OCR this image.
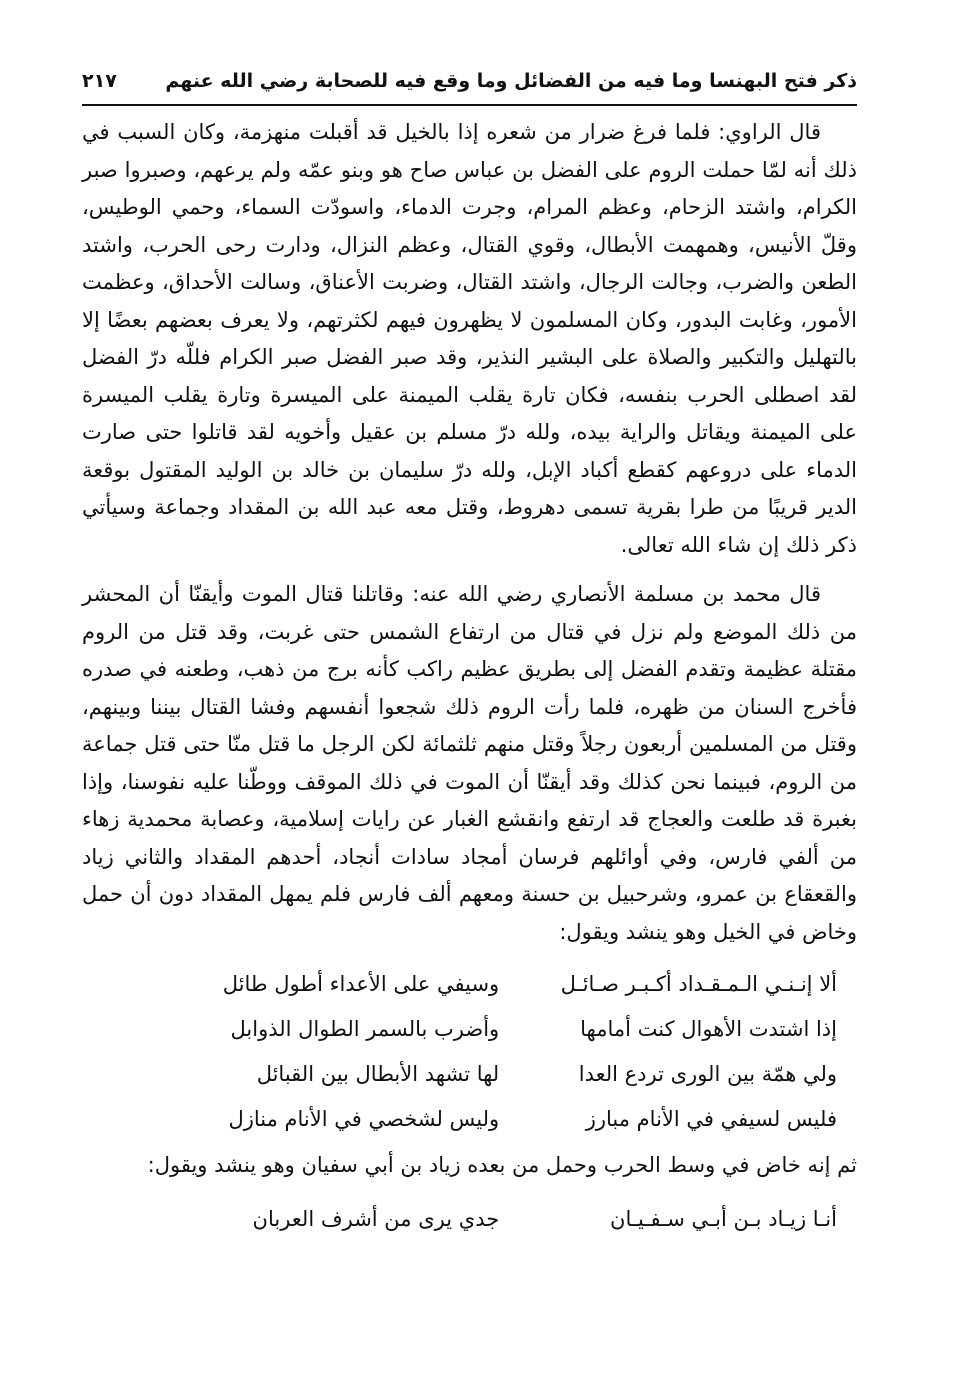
ذكر فتح البهنسا وما فيه من الفضائل وما وقع فيه للصحابة رضي الله عنهم
٢١٧

قال الراوي: فلما فرغ ضرار من شعره إذا بالخيل قد أقبلت منهزمة، وكان السبب في ذلك أنه لمّا حملت الروم على الفضل بن عباس صاح هو وبنو عمّه ولم يرعهم، وصبروا صبر الكرام، واشتد الزحام، وعظم المرام، وجرت الدماء، واسودّت السماء، وحمي الوطيس، وقلّ الأنيس، وهمهمت الأبطال، وقوي القتال، وعظم النزال، ودارت رحى الحرب، واشتد الطعن والضرب، وجالت الرجال، واشتد القتال، وضربت الأعناق، وسالت الأحداق، وعظمت الأمور، وغابت البدور، وكان المسلمون لا يظهرون فيهم لكثرتهم، ولا يعرف بعضهم بعضًا إلا بالتهليل والتكبير والصلاة على البشير النذير، وقد صبر الفضل صبر الكرام فللّه درّ الفضل لقد اصطلى الحرب بنفسه، فكان تارة يقلب الميمنة على الميسرة وتارة يقلب الميسرة على الميمنة ويقاتل والراية بيده، ولله درّ مسلم بن عقيل وأخويه لقد قاتلوا حتى صارت الدماء على دروعهم كقطع أكباد الإبل، ولله درّ سليمان بن خالد بن الوليد المقتول بوقعة الدير قريبًا من طرا بقرية تسمى دهروط، وقتل معه عبد الله بن المقداد وجماعة وسيأتي ذكر ذلك إن شاء الله تعالى.

قال محمد بن مسلمة الأنصاري رضي الله عنه: وقاتلنا قتال الموت وأيقنّا أن المحشر من ذلك الموضع ولم نزل في قتال من ارتفاع الشمس حتى غربت، وقد قتل من الروم مقتلة عظيمة وتقدم الفضل إلى بطريق عظيم راكب كأنه برج من ذهب، وطعنه في صدره فأخرج السنان من ظهره، فلما رأت الروم ذلك شجعوا أنفسهم وفشا القتال بيننا وبينهم، وقتل من المسلمين أربعون رجلاً وقتل منهم ثلثمائة لكن الرجل ما قتل منّا حتى قتل جماعة من الروم، فبينما نحن كذلك وقد أيقنّا أن الموت في ذلك الموقف ووطّنا عليه نفوسنا، وإذا بغبرة قد طلعت والعجاج قد ارتفع وانقشع الغبار عن رايات إسلامية، وعصابة محمدية زهاء من ألفي فارس، وفي أوائلهم فرسان أمجاد سادات أنجاد، أحدهم المقداد والثاني زياد والقعقاع بن عمرو، وشرحبيل بن حسنة ومعهم ألف فارس فلم يمهل المقداد دون أن حمل وخاض في الخيل وهو ينشد ويقول:

ألا إنـنـي الـمـقـداد أكـبـر صـائـل
وسيفي على الأعداء أطول طائل
إذا اشتدت الأهوال كنت أمامها
وأضرب بالسمر الطوال الذوابل
ولي همّة بين الورى تردع العدا
لها تشهد الأبطال بين القبائل
فليس لسيفي في الأنام مبارز
وليس لشخصي في الأنام منازل

ثم إنه خاض في وسط الحرب وحمل من بعده زياد بن أبي سفيان وهو ينشد ويقول:

أنـا زيـاد بـن أبـي سـفـيـان
جدي يرى من أشرف العربان
